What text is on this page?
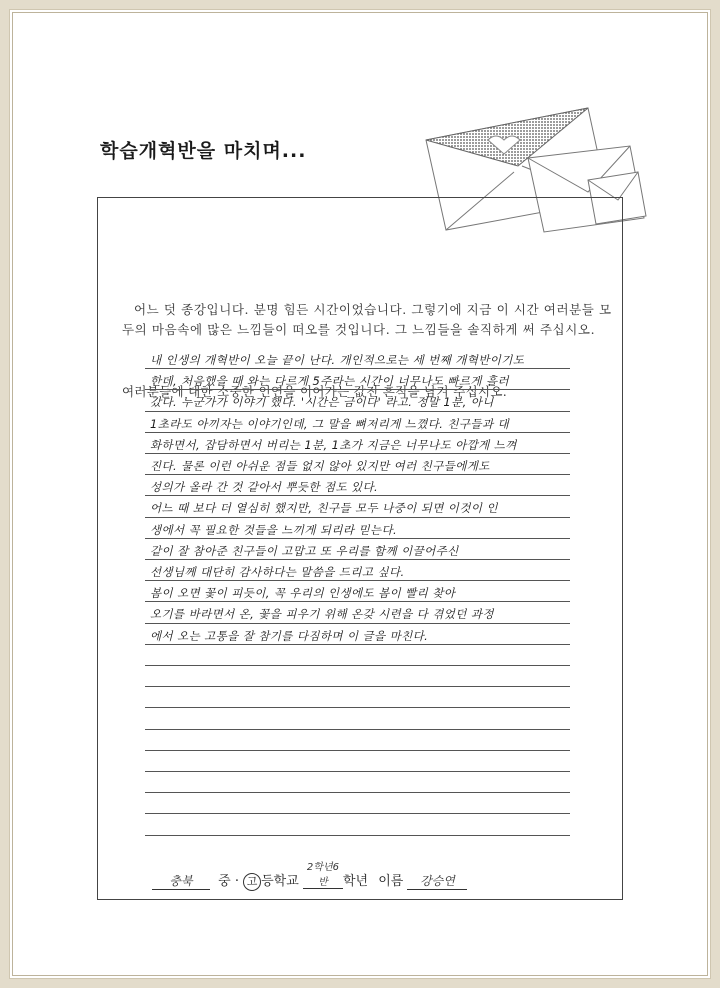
학습개혁반을 마치며...

어느 덧 종강입니다. 분명 힘든 시간이었습니다. 그렇기에 지금 이 시간 여러분들 모두의 마음속에 많은 느낌들이 떠오를 것입니다. 그 느낌들을 솔직하게 써 주십시오.

여러분들에 대한 소중한 인연을 이어가는 값진 흔적을 남겨 주십시오.

내 인생의 개혁반이 오늘 끝이 난다. 개인적으로는 세 번째 개혁반이기도
한데, 처음했을 때 와는 다르게 5주라는 시간이 너무나도 빠르게 흘러
갔다. 누군가가 이야기 했다. '시간은 금이다' 라고. 정말 1분, 아니
1초라도 아끼자는 이야기인데, 그 말을 뼈저리게 느꼈다. 친구들과 대
화하면서, 잡담하면서 버리는 1분, 1초가 지금은 너무나도 아깝게 느껴
진다. 물론 이런 아쉬운 점들 없지 않아 있지만 여러 친구들에게도
성의가 올라 간 것 같아서 뿌듯한 점도 있다.
어느 때 보다 더 열심히 했지만, 친구들 모두 나중이 되면 이것이 인
생에서 꼭 필요한 것들을 느끼게 되리라 믿는다.
같이 잘 참아준 친구들이 고맙고 또 우리를 함께 이끌어주신
선생님께 대단히 감사하다는 말씀을 드리고 싶다.
봄이 오면 꽃이 피듯이, 꼭 우리의 인생에도 봄이 빨리 찾아
오기를 바라면서 온, 꽃을 피우기 위해 온갖 시련을 다 겪었던 과정
에서 오는 고통을 잘 참기를 다짐하며 이 글을 마친다.
충북 중 · 고 등학교 2학년6반 학년 이름 강승연
